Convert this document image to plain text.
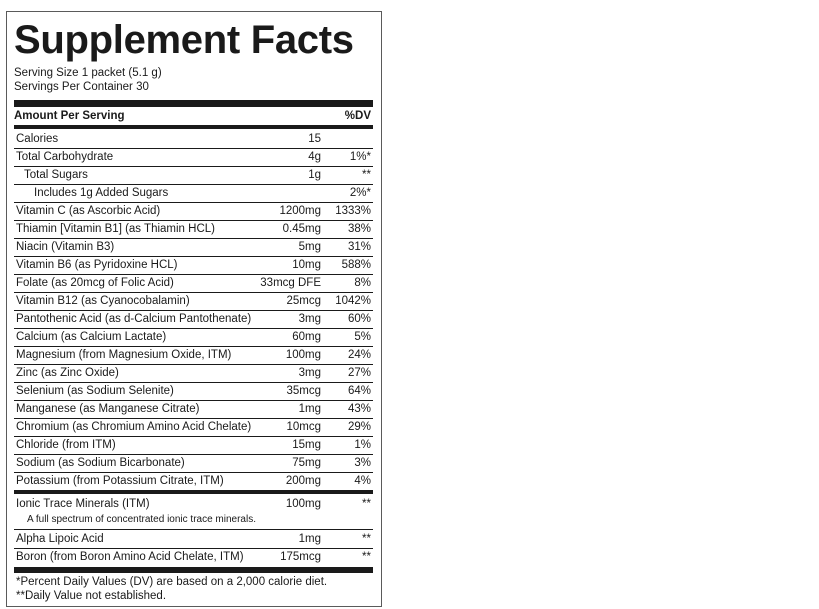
Supplement Facts
Serving Size 1 packet (5.1 g)
Servings Per Container 30
Amount Per Serving	%DV
Calories	15
Total Carbohydrate	4g	1%*
Total Sugars	1g	**
Includes 1g Added Sugars	2%*
Vitamin C (as Ascorbic Acid)	1200mg 1333%
Thiamin [Vitamin B1] (as Thiamin HCL)	0.45mg 38%
Niacin (Vitamin B3)	5mg 31%
Vitamin B6 (as Pyridoxine HCL)	10mg 588%
Folate (as 20mcg of Folic Acid)	33mcg DFE	8%
Vitamin B12 (as Cyanocobalamin)	25mcg 1042%
Pantothenic Acid (as d-Calcium Pantothenate)	3mg 60%
Calcium (as Calcium Lactate)	60mg	5%
Magnesium (from Magnesium Oxide, ITM)	100mg 24%
Zinc (as Zinc Oxide)	3mg 27%
Selenium (as Sodium Selenite)	35mcg 64%
Manganese (as Manganese Citrate)	1mg 43%
Chromium (as Chromium Amino Acid Chelate)	10mcg 29%
Chloride (from ITM)	15mg	1%
Sodium (as Sodium Bicarbonate)	75mg	3%
Potassium (from Potassium Citrate, ITM)	200mg	4%
Ionic Trace Minerals (ITM)	100mg	**
A full spectrum of concentrated ionic trace minerals.
Alpha Lipoic Acid	1mg	**
Boron (from Boron Amino Acid Chelate, ITM)	175mcg	**
*Percent Daily Values (DV) are based on a 2,000 calorie diet.
**Daily Value not established.
